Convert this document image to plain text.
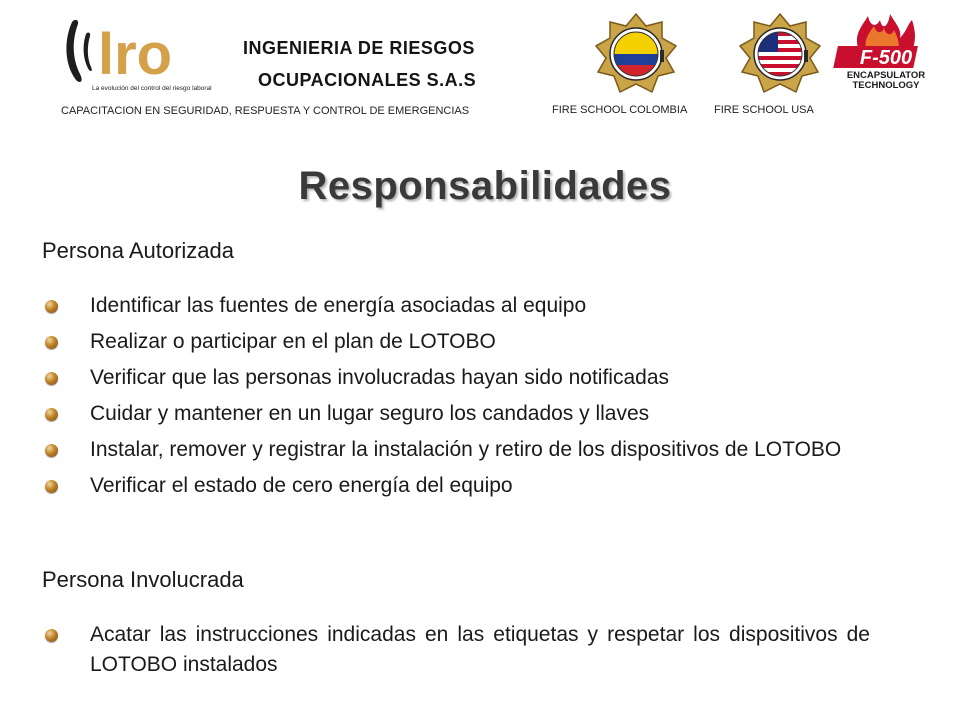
lro
La evolución del control del riesgo laboral
INGENIERIA DE RIESGOS
OCUPACIONALES S.A.S
CAPACITACION EN SEGURIDAD, RESPUESTA Y CONTROL DE EMERGENCIAS	FIRE SCHOOL COLOMBIA FIRE SCHOOL USA
F-500
ENCAPSULATOR
TECHNOLOGY
Responsabilidades
Persona Autorizada
Identificar las fuentes de energía asociadas al equipo
Realizar o participar en el plan de LOTOBO
Verificar que las personas involucradas hayan sido notificadas
Cuidar y mantener en un lugar seguro los candados y llaves
Instalar, remover y registrar la instalación y retiro de los dispositivos de LOTOBO
Verificar el estado de cero energía del equipo
Persona Involucrada
Acatar las instrucciones indicadas en las etiquetas y respetar los dispositivos de LOTOBO instalados
